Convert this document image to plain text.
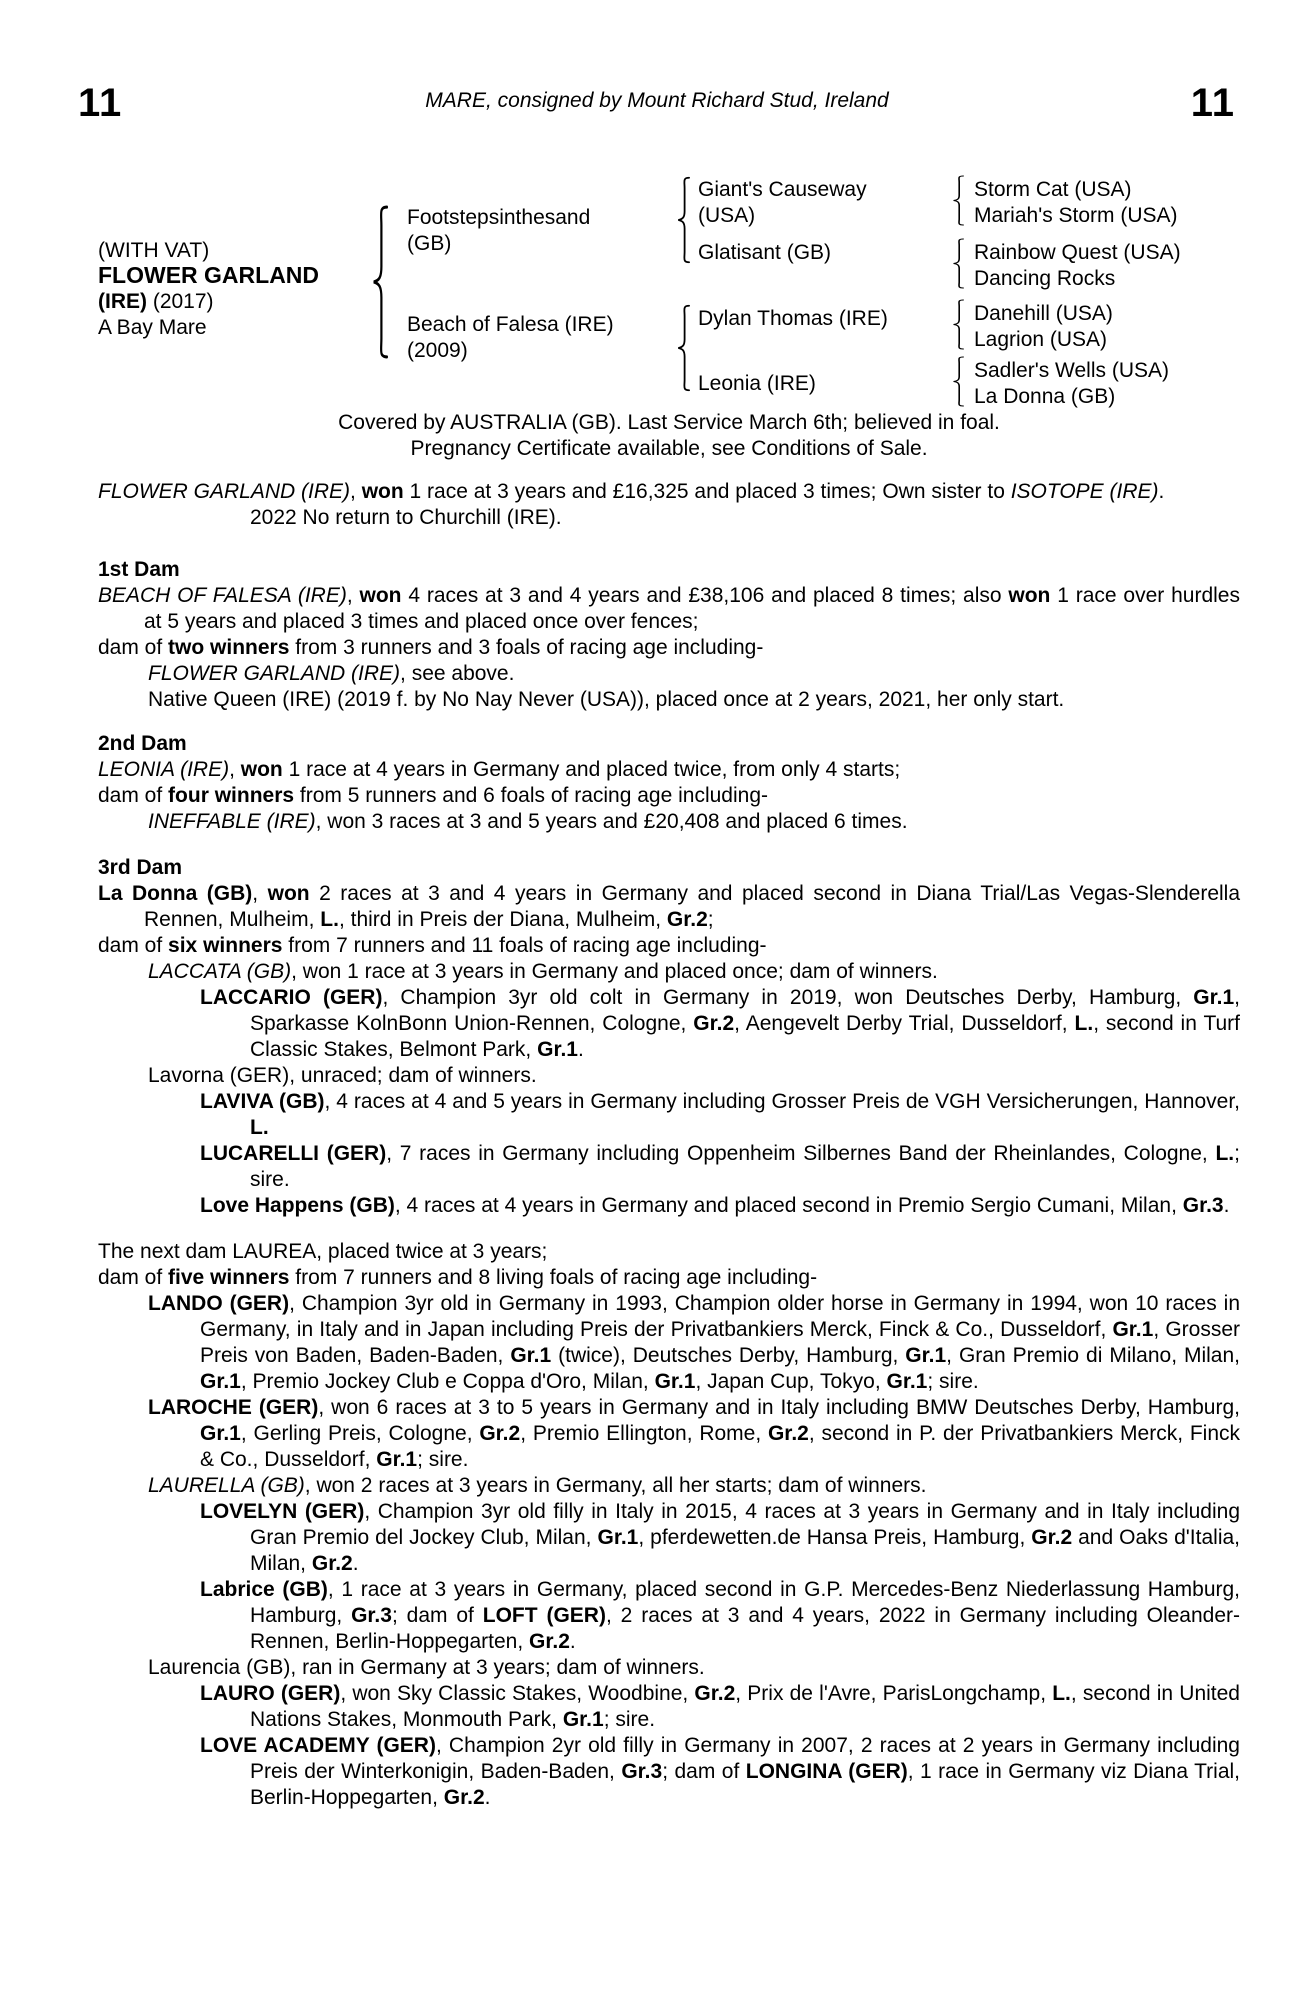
MARE, consigned by Mount Richard Stud, Ireland
11	11
(WITH VAT)
FLOWER GARLAND
(IRE) (2017)
A Bay Mare
Footstepsinthesand
(GB)
Beach of Falesa (IRE)
(2009)
Giant's Causeway
(USA)
Glatisant (GB)
Dylan Thomas (IRE)
Leonia (IRE)
Storm Cat (USA)
Mariah's Storm (USA)
Rainbow Quest (USA)
Dancing Rocks
Danehill (USA)
Lagrion (USA)
Sadler's Wells (USA)
La Donna (GB)
Covered by AUSTRALIA (GB). Last Service March 6th; believed in foal.
Pregnancy Certificate available, see Conditions of Sale.
FLOWER GARLAND (IRE), won 1 race at 3 years and £16,325 and placed 3 times; Own sister to ISOTOPE (IRE).
2022 No return to Churchill (IRE).
1st Dam
BEACH OF FALESA (IRE), won 4 races at 3 and 4 years and £38,106 and placed 8 times; also won 1 race over hurdles at 5 years and placed 3 times and placed once over fences;
dam of two winners from 3 runners and 3 foals of racing age including-
FLOWER GARLAND (IRE), see above.
Native Queen (IRE) (2019 f. by No Nay Never (USA)), placed once at 2 years, 2021, her only start.
2nd Dam
LEONIA (IRE), won 1 race at 4 years in Germany and placed twice, from only 4 starts;
dam of four winners from 5 runners and 6 foals of racing age including-
INEFFABLE (IRE), won 3 races at 3 and 5 years and £20,408 and placed 6 times.
3rd Dam
La Donna (GB), won 2 races at 3 and 4 years in Germany and placed second in Diana Trial/Las Vegas-Slenderella Rennen, Mulheim, L., third in Preis der Diana, Mulheim, Gr.2;
dam of six winners from 7 runners and 11 foals of racing age including-
LACCATA (GB), won 1 race at 3 years in Germany and placed once; dam of winners.
LACCARIO (GER), Champion 3yr old colt in Germany in 2019, won Deutsches Derby, Hamburg, Gr.1, Sparkasse KolnBonn Union-Rennen, Cologne, Gr.2, Aengevelt Derby Trial, Dusseldorf, L., second in Turf Classic Stakes, Belmont Park, Gr.1.
Lavorna (GER), unraced; dam of winners.
LAVIVA (GB), 4 races at 4 and 5 years in Germany including Grosser Preis de VGH Versicherungen, Hannover, L.
LUCARELLI (GER), 7 races in Germany including Oppenheim Silbernes Band der Rheinlandes, Cologne, L.; sire.
Love Happens (GB), 4 races at 4 years in Germany and placed second in Premio Sergio Cumani, Milan, Gr.3.
The next dam LAUREA, placed twice at 3 years;
dam of five winners from 7 runners and 8 living foals of racing age including-
LANDO (GER), Champion 3yr old in Germany in 1993, Champion older horse in Germany in 1994, won 10 races in Germany, in Italy and in Japan including Preis der Privatbankiers Merck, Finck & Co., Dusseldorf, Gr.1, Grosser Preis von Baden, Baden-Baden, Gr.1 (twice), Deutsches Derby, Hamburg, Gr.1, Gran Premio di Milano, Milan, Gr.1, Premio Jockey Club e Coppa d'Oro, Milan, Gr.1, Japan Cup, Tokyo, Gr.1; sire.
LAROCHE (GER), won 6 races at 3 to 5 years in Germany and in Italy including BMW Deutsches Derby, Hamburg, Gr.1, Gerling Preis, Cologne, Gr.2, Premio Ellington, Rome, Gr.2, second in P. der Privatbankiers Merck, Finck & Co., Dusseldorf, Gr.1; sire.
LAURELLA (GB), won 2 races at 3 years in Germany, all her starts; dam of winners.
LOVELYN (GER), Champion 3yr old filly in Italy in 2015, 4 races at 3 years in Germany and in Italy including Gran Premio del Jockey Club, Milan, Gr.1, pferdewetten.de Hansa Preis, Hamburg, Gr.2 and Oaks d'Italia, Milan, Gr.2.
Labrice (GB), 1 race at 3 years in Germany, placed second in G.P. Mercedes-Benz Niederlassung Hamburg, Hamburg, Gr.3; dam of LOFT (GER), 2 races at 3 and 4 years, 2022 in Germany including Oleander-Rennen, Berlin-Hoppegarten, Gr.2.
Laurencia (GB), ran in Germany at 3 years; dam of winners.
LAURO (GER), won Sky Classic Stakes, Woodbine, Gr.2, Prix de l'Avre, ParisLongchamp, L., second in United Nations Stakes, Monmouth Park, Gr.1; sire.
LOVE ACADEMY (GER), Champion 2yr old filly in Germany in 2007, 2 races at 2 years in Germany including Preis der Winterkonigin, Baden-Baden, Gr.3; dam of LONGINA (GER), 1 race in Germany viz Diana Trial, Berlin-Hoppegarten, Gr.2.
